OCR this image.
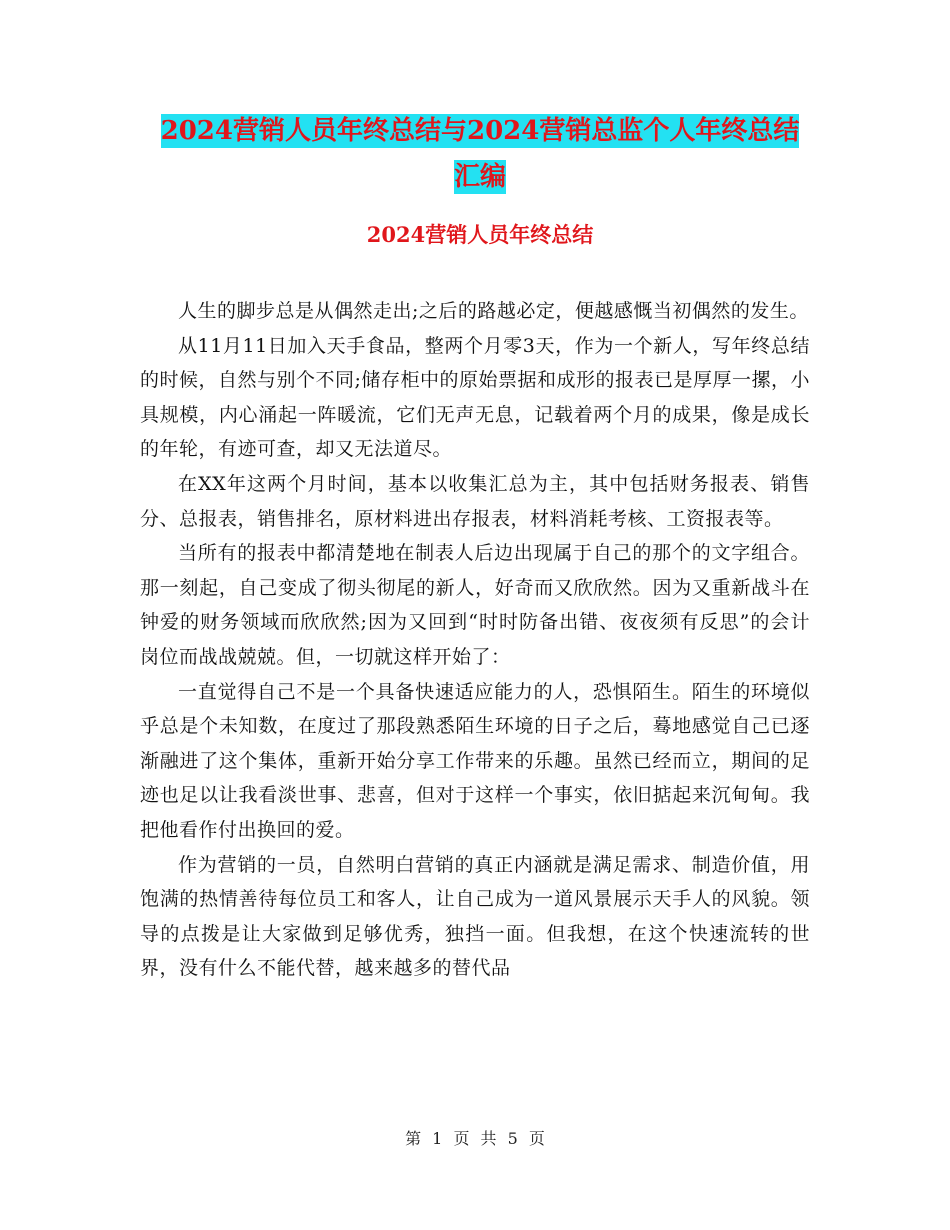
2024营销人员年终总结与2024营销总监个人年终总结
汇编
2024营销人员年终总结

人生的脚步总是从偶然走出;之后的路越必定，便越感慨当初偶然的发生。

从11月11日加入天手食品，整两个月零3天，作为一个新人，写年终总结的时候，自然与别个不同;储存柜中的原始票据和成形的报表已是厚厚一摞，小具规模，内心涌起一阵暖流，它们无声无息，记载着两个月的成果，像是成长的年轮，有迹可查，却又无法道尽。

在XX年这两个月时间，基本以收集汇总为主，其中包括财务报表、销售分、总报表，销售排名，原材料进出存报表，材料消耗考核、工资报表等。

当所有的报表中都清楚地在制表人后边出现属于自己的那个的文字组合。那一刻起，自己变成了彻头彻尾的新人，好奇而又欣欣然。因为又重新战斗在钟爱的财务领域而欣欣然;因为又回到“时时防备出错、夜夜须有反思”的会计岗位而战战兢兢。但，一切就这样开始了：

一直觉得自己不是一个具备快速适应能力的人，恐惧陌生。陌生的环境似乎总是个未知数，在度过了那段熟悉陌生环境的日子之后，蓦地感觉自己已逐渐融进了这个集体，重新开始分享工作带来的乐趣。虽然已经而立，期间的足迹也足以让我看淡世事、悲喜，但对于这样一个事实，依旧掂起来沉甸甸。我把他看作付出换回的爱。

作为营销的一员，自然明白营销的真正内涵就是满足需求、制造价值，用饱满的热情善待每位员工和客人，让自己成为一道风景展示天手人的风貌。领导的点拨是让大家做到足够优秀，独挡一面。但我想，在这个快速流转的世界，没有什么不能代替，越来越多的替代品

第 1 页 共 5 页
